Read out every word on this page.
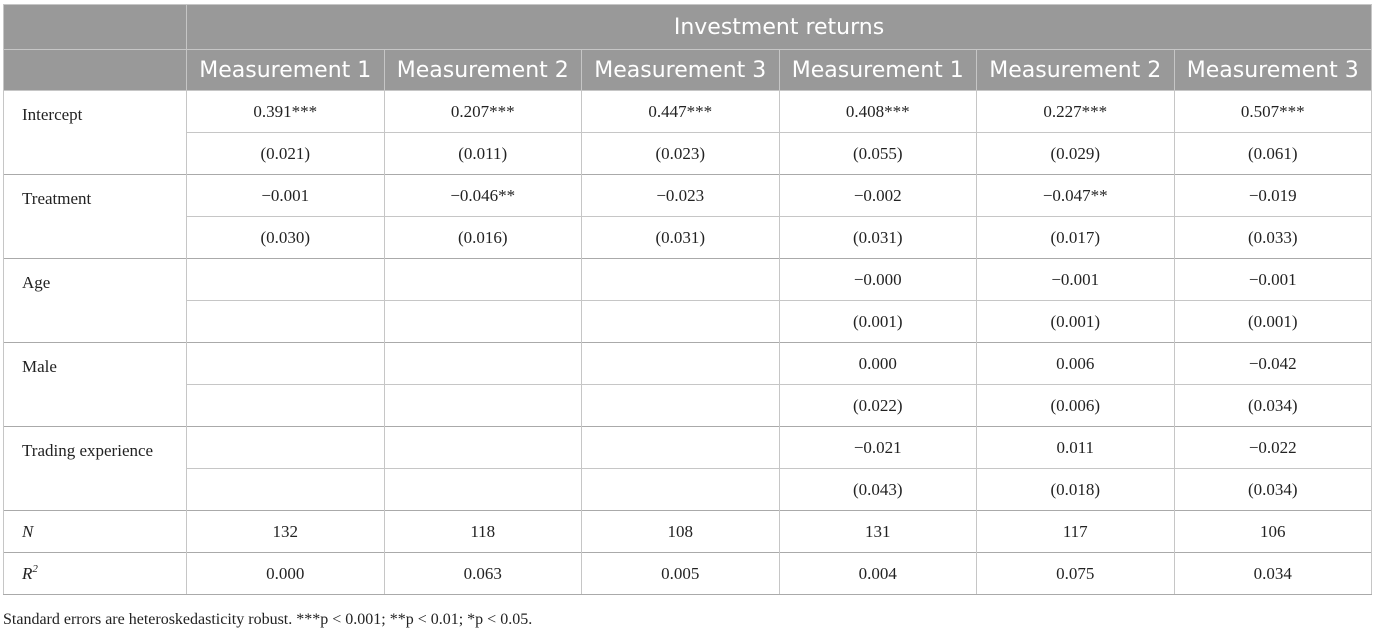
	Investment returns					
	Measurement 1	Measurement 2	Measurement 3	Measurement 1	Measurement 2	Measurement 3
Intercept	0.391***	0.207***	0.447***	0.408***	0.227***	0.507***
	(0.021)	(0.011)	(0.023)	(0.055)	(0.029)	(0.061)
Treatment	−0.001	−0.046**	−0.023	−0.002	−0.047**	−0.019
	(0.030)	(0.016)	(0.031)	(0.031)	(0.017)	(0.033)
Age				−0.000	−0.001	−0.001
				(0.001)	(0.001)	(0.001)
Male				0.000	0.006	−0.042
				(0.022)	(0.006)	(0.034)
Trading experience				−0.021	0.011	−0.022
				(0.043)	(0.018)	(0.034)
N	132	118	108	131	117	106
$R^2$	0.000	0.063	0.005	0.004	0.075	0.034
Standard errors are heteroskedasticity robust. ***p < 0.001; **p < 0.01; *p < 0.05.
